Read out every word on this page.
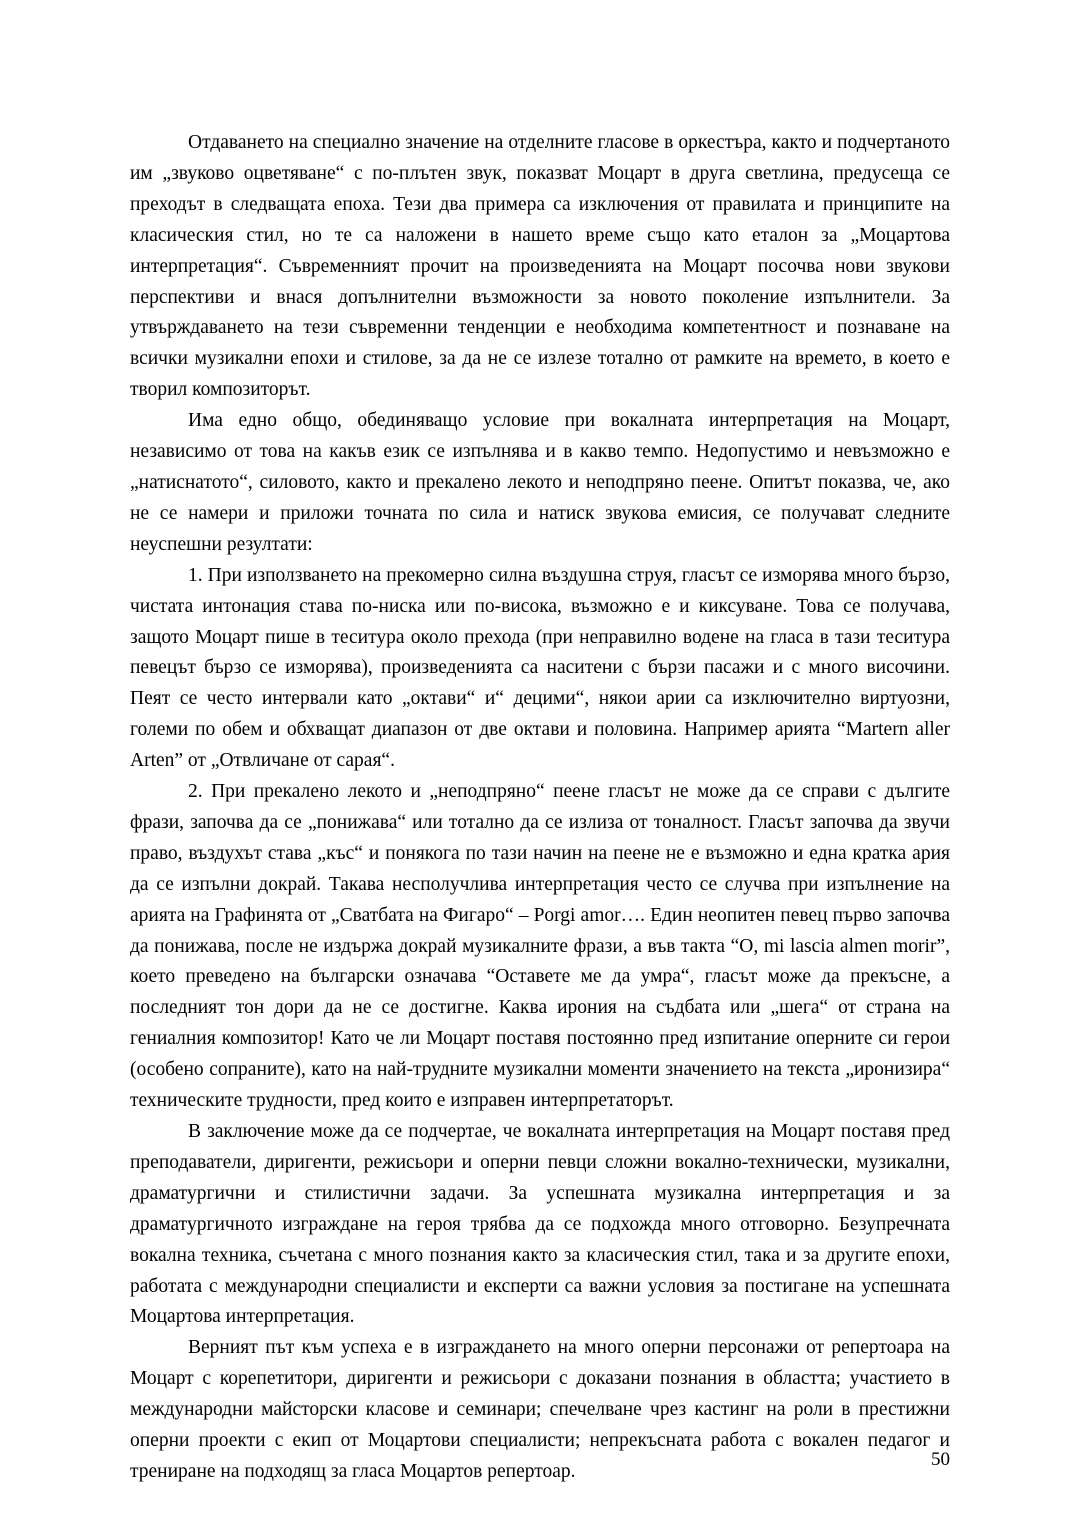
Отдаването на специално значение на отделните гласове в оркестъра, както и подчертаното им „звуково оцветяване“ с по-плътен звук, показват Моцарт в друга светлина, предусеща се преходът в следващата епоха. Тези два примера са изключения от правилата и принципите на класическия стил, но те са наложени в нашето време също като еталон за „Моцартова интерпретация“. Съвременният прочит на произведенията на Моцарт посочва нови звукови перспективи и внася допълнителни възможности за новото поколение изпълнители. За утвърждаването на тези съвременни тенденции е необходима компетентност и познаване на всички музикални епохи и стилове, за да не се излезе тотално от рамките на времето, в което е творил композиторът.

Има едно общо, обединяващо условие при вокалната интерпретация на Моцарт, независимо от това на какъв език се изпълнява и в какво темпо. Недопустимо и невъзможно е „натиснатото“, силовото, както и прекалено лекото и неподпряно пеене. Опитът показва, че, ако не се намери и приложи точната по сила и натиск звукова емисия, се получават следните неуспешни резултати:

1. При използването на прекомерно силна въздушна струя, гласът се изморява много бързо, чистата интонация става по-ниска или по-висока, възможно е и киксуване. Това се получава, защото Моцарт пише в теситура около прехода (при неправилно водене на гласа в тази теситура певецът бързо се изморява), произведенията са наситени с бързи пасажи и с много височини. Пеят се често интервали като „октави“ и“ децими“, някои арии са изключително виртуозни, големи по обем и обхващат диапазон от две октави и половина. Например арията “Martern aller Arten” от „Отвличане от сарая“.

2. При прекалено лекото и „неподпряно“ пеене гласът не може да се справи с дългите фрази, започва да се „понижава“ или тотално да се излиза от тоналност. Гласът започва да звучи право, въздухът става „къс“ и понякога по тази начин на пеене не е възможно и една кратка ария да се изпълни докрай. Такава несполучлива интерпретация често се случва при изпълнение на арията на Графинята от „Сватбата на Фигаро“ – Porgi amor…. Един неопитен певец първо започва да понижава, после не издържа докрай музикалните фрази, а във такта “O, mi lascia almen morir”, което преведено на български означава “Оставете ме да умра“, гласът може да прекъсне, а последният тон дори да не се достигне. Каква ирония на съдбата или „шега“ от страна на гениалния композитор! Като че ли Моцарт поставя постоянно пред изпитание оперните си герои (особено сопраните), като на най-трудните музикални моменти значението на текста „иронизира“ техническите трудности, пред които е изправен интерпретаторът.

В заключение може да се подчертае, че вокалната интерпретация на Моцарт поставя пред преподаватели, диригенти, режисьори и оперни певци сложни вокално-технически, музикални, драматургични и стилистични задачи. За успешната музикална интерпретация и за драматургичното изграждане на героя трябва да се подхожда много отговорно. Безупречната вокална техника, съчетана с много познания както за класическия стил, така и за другите епохи, работата с международни специалисти и експерти са важни условия за постигане на успешната Моцартова интерпретация.

Верният път към успеха е в изграждането на много оперни персонажи от репертоара на Моцарт с корепетитори, диригенти и режисьори с доказани познания в областта; участието в международни майсторски класове и семинари; спечелване чрез кастинг на роли в престижни оперни проекти с екип от Моцартови специалисти; непрекъсната работа с вокален педагог и трениране на подходящ за гласа Моцартов репертоар.

50
